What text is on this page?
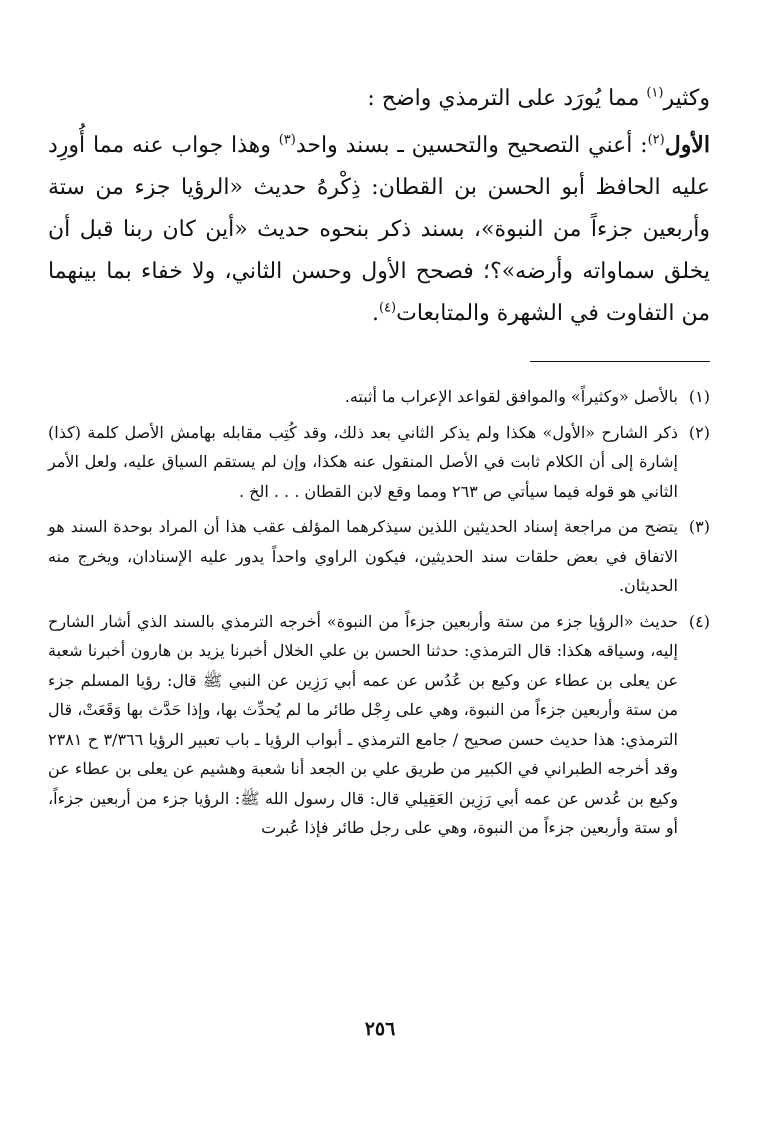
وكثير$^{(١)}$ مما يُورَد على الترمذي واضح :

الأول$^{(٢)}$: أعني التصحيح والتحسين ـ بسند واحد$^{(٣)}$ وهذا جواب عنه مما أُورِد عليه الحافظ أبو الحسن بن القطان: ذِكْرهُ حديث «الرؤيا جزء من ستة وأربعين جزءاً من النبوة»، بسند ذكر بنحوه حديث «أين كان ربنا قبل أن يخلق سماواته وأرضه»؟؛ فصحح الأول وحسن الثاني، ولا خفاء بما بينهما من التفاوت في الشهرة والمتابعات$^{(٤)}$.

(١)
بالأصل «وكثيراً» والموافق لقواعد الإعراب ما أثبته.
(٢)
ذكر الشارح «الأول» هكذا ولم يذكر الثاني بعد ذلك، وقد كُتِب مقابله بهامش الأصل كلمة (كذا) إشارة إلى أن الكلام ثابت في الأصل المنقول عنه هكذا، وإن لم يستقم السياق عليه، ولعل الأمر الثاني هو قوله فيما سيأتي ص ٢٦٣ ومما وقع لابن القطان . . . الخ .
(٣)
يتضح من مراجعة إسناد الحديثين اللذين سيذكرهما المؤلف عقب هذا أن المراد بوحدة السند هو الاتفاق في بعض حلقات سند الحديثين، فيكون الراوي واحداً يدور عليه الإسنادان، ويخرج منه الحديثان.
(٤)
حديث «الرؤيا جزء من ستة وأربعين جزءاً من النبوة» أخرجه الترمذي بالسند الذي أشار الشارح إليه، وسياقه هكذا: قال الترمذي: حدثنا الحسن بن علي الخلال أخبرنا يزيد بن هارون أخبرنا شعبة عن يعلى بن عطاء عن وكيع بن عُدُس عن عمه أبي رَزِين عن النبي ﷺ قال: رؤيا المسلم جزء من ستة وأربعين جزءاً من النبوة، وهي على رِجْل طائر ما لم يُحدِّث بها، وإذا حَدَّث بها وَقَعَتْ، قال الترمذي: هذا حديث حسن صحيح / جامع الترمذي ـ أبواب الرؤيا ـ باب تعبير الرؤيا ٣/٣٦٦ ح ٢٣٨١ وقد أخرجه الطبراني في الكبير من طريق علي بن الجعد أنا شعبة وهشيم عن يعلى بن عطاء عن وكيع بن عُدس عن عمه أبي رَزِين العَقِيلي قال: قال رسول الله ﷺ: الرؤيا جزء من أربعين جزءاً، أو ستة وأربعين جزءاً من النبوة، وهي على رجل طائر فإذا عُبرت
٢٥٦
